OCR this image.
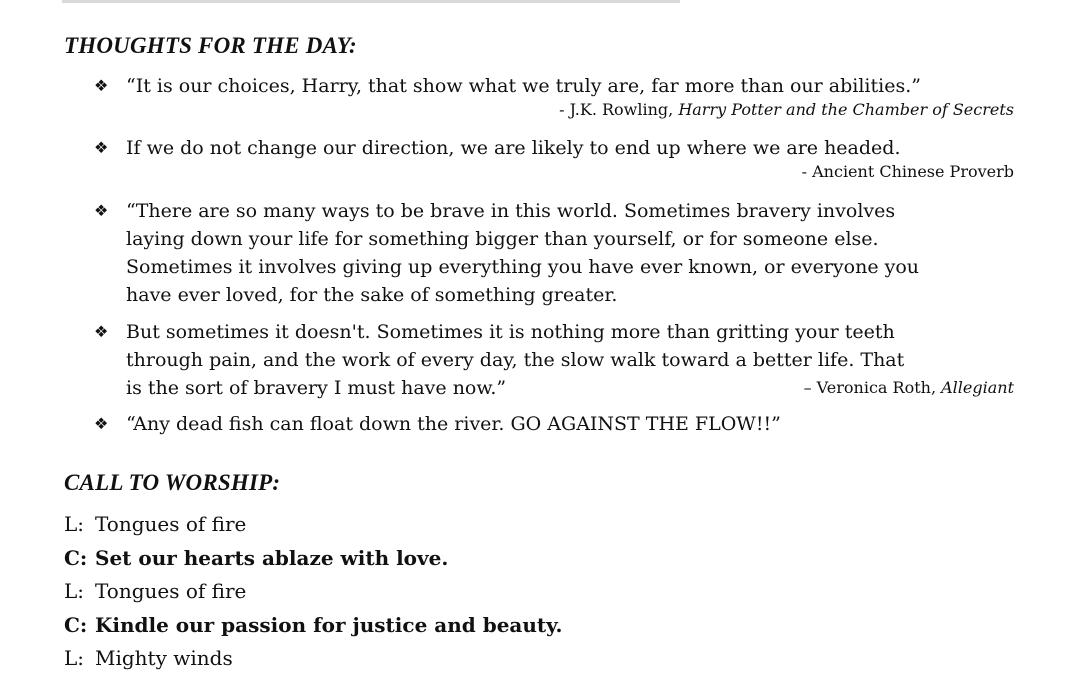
THOUGHTS FOR THE DAY:
❖ “It is our choices, Harry, that show what we truly are, far more than our abilities.”
- J.K. Rowling, Harry Potter and the Chamber of Secrets
❖ If we do not change our direction, we are likely to end up where we are headed.
- Ancient Chinese Proverb
❖ “There are so many ways to be brave in this world. Sometimes bravery involves
laying down your life for something bigger than yourself, or for someone else.
Sometimes it involves giving up everything you have ever known, or everyone you
have ever loved, for the sake of something greater.
❖ But sometimes it doesn't. Sometimes it is nothing more than gritting your teeth
through pain, and the work of every day, the slow walk toward a better life. That
is the sort of bravery I must have now.”	– Veronica Roth, Allegiant
❖ “Any dead fish can float down the river. GO AGAINST THE FLOW!!”
CALL TO WORSHIP:
L: Tongues of fire
C: Set our hearts ablaze with love.
L: Tongues of fire
C: Kindle our passion for justice and beauty.
L: Mighty winds
